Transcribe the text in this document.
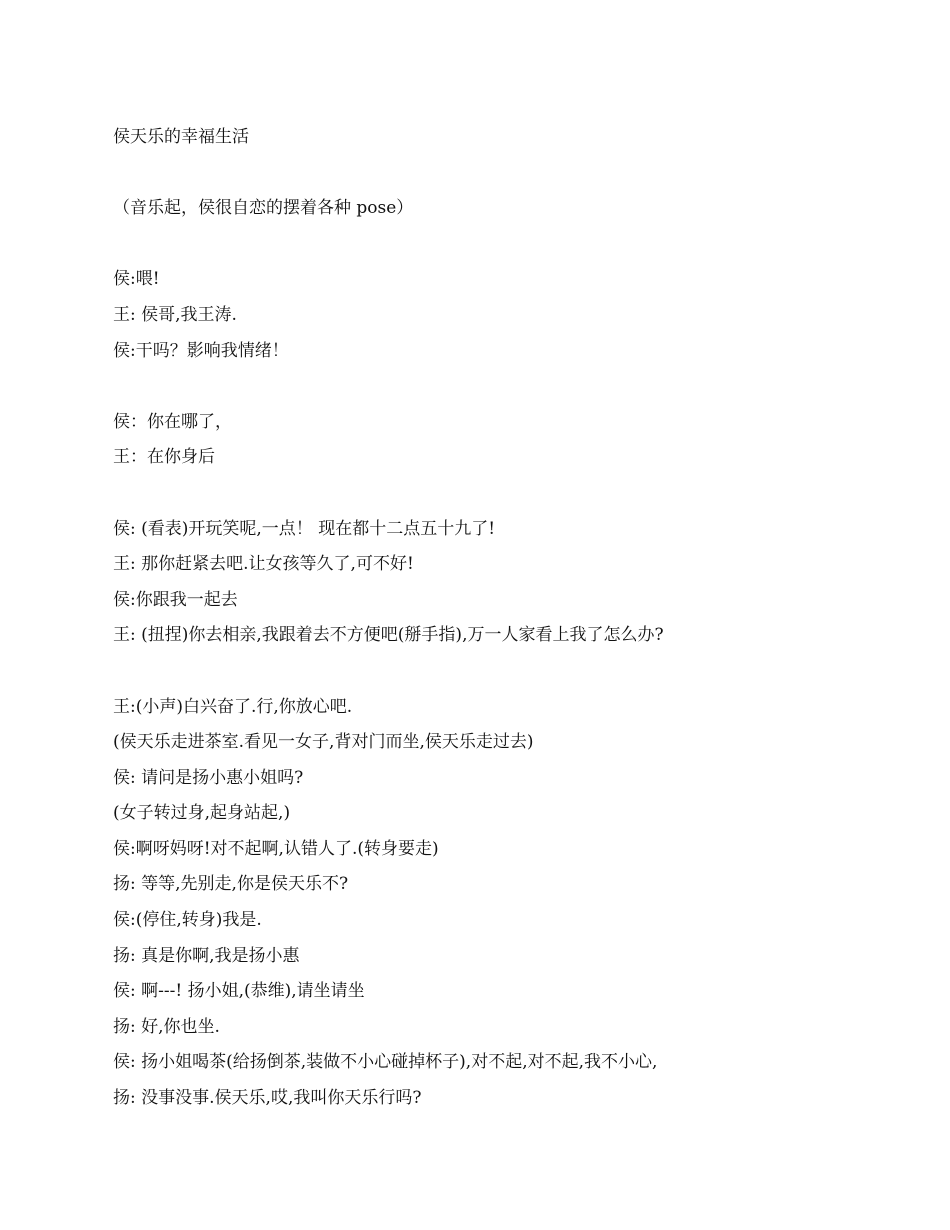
侯天乐的幸福生活
（音乐起，侯很自恋的摆着各种 pose）
侯:喂!
王: 侯哥,我王涛.
侯:干吗？影响我情绪！
侯：你在哪了，
王：在你身后
侯: (看表)开玩笑呢,一点！ 现在都十二点五十九了!
王: 那你赶紧去吧.让女孩等久了,可不好!
侯:你跟我一起去
王: (扭捏)你去相亲,我跟着去不方便吧(掰手指),万一人家看上我了怎么办?
王:(小声)白兴奋了.行,你放心吧.
(侯天乐走进茶室.看见一女子,背对门而坐,侯天乐走过去)
侯: 请问是扬小惠小姐吗?
(女子转过身,起身站起,)
侯:啊呀妈呀!对不起啊,认错人了.(转身要走)
扬: 等等,先别走,你是侯天乐不?
侯:(停住,转身)我是.
扬: 真是你啊,我是扬小惠
侯: 啊---! 扬小姐,(恭维),请坐请坐
扬: 好,你也坐.
侯: 扬小姐喝茶(给扬倒茶,装做不小心碰掉杯子),对不起,对不起,我不小心,
扬: 没事没事.侯天乐,哎,我叫你天乐行吗?
